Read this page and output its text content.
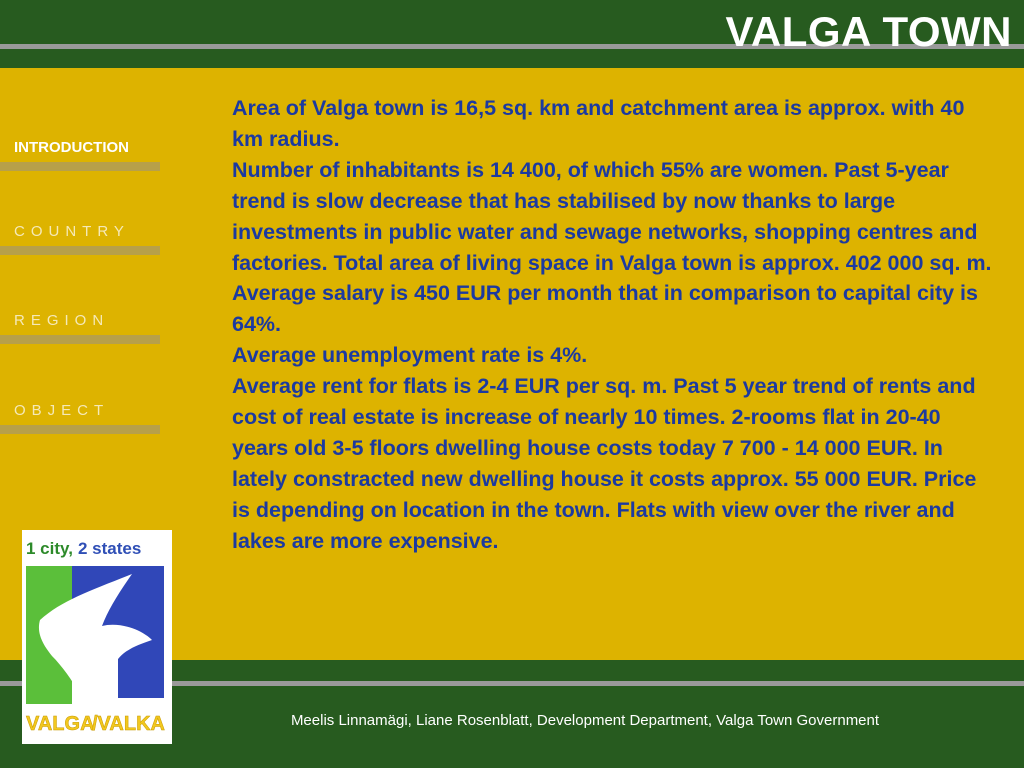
VALGA TOWN
INTRODUCTION
COUNTRY
REGION
OBJECT

Area of Valga town is 16,5 sq. km and catchment area is approx. with 40 km radius.

Number of inhabitants is 14 400, of which 55% are women. Past 5-year trend is slow decrease that has stabilised by now thanks to large investments in public water and sewage networks, shopping centres and factories. Total area of living space in Valga town is approx. 402 000 sq. m.

Average salary is 450 EUR per month that in comparison to capital city is 64%.

Average unemployment rate is 4%.

Average rent for flats is 2-4 EUR per sq. m. Past 5 year trend of rents and cost of real estate is increase of nearly 10 times. 2-rooms flat in 20-40 years old 3-5 floors dwelling house costs today 7 700 - 14 000 EUR. In lately constracted new dwelling house it costs approx. 55 000 EUR. Price is depending on location in the town. Flats with view over the river and lakes are more expensive.

1 city, 2 states
VALGA
/VALKA	Meelis Linnamägi, Liane Rosenblatt, Development Department, Valga Town Government
